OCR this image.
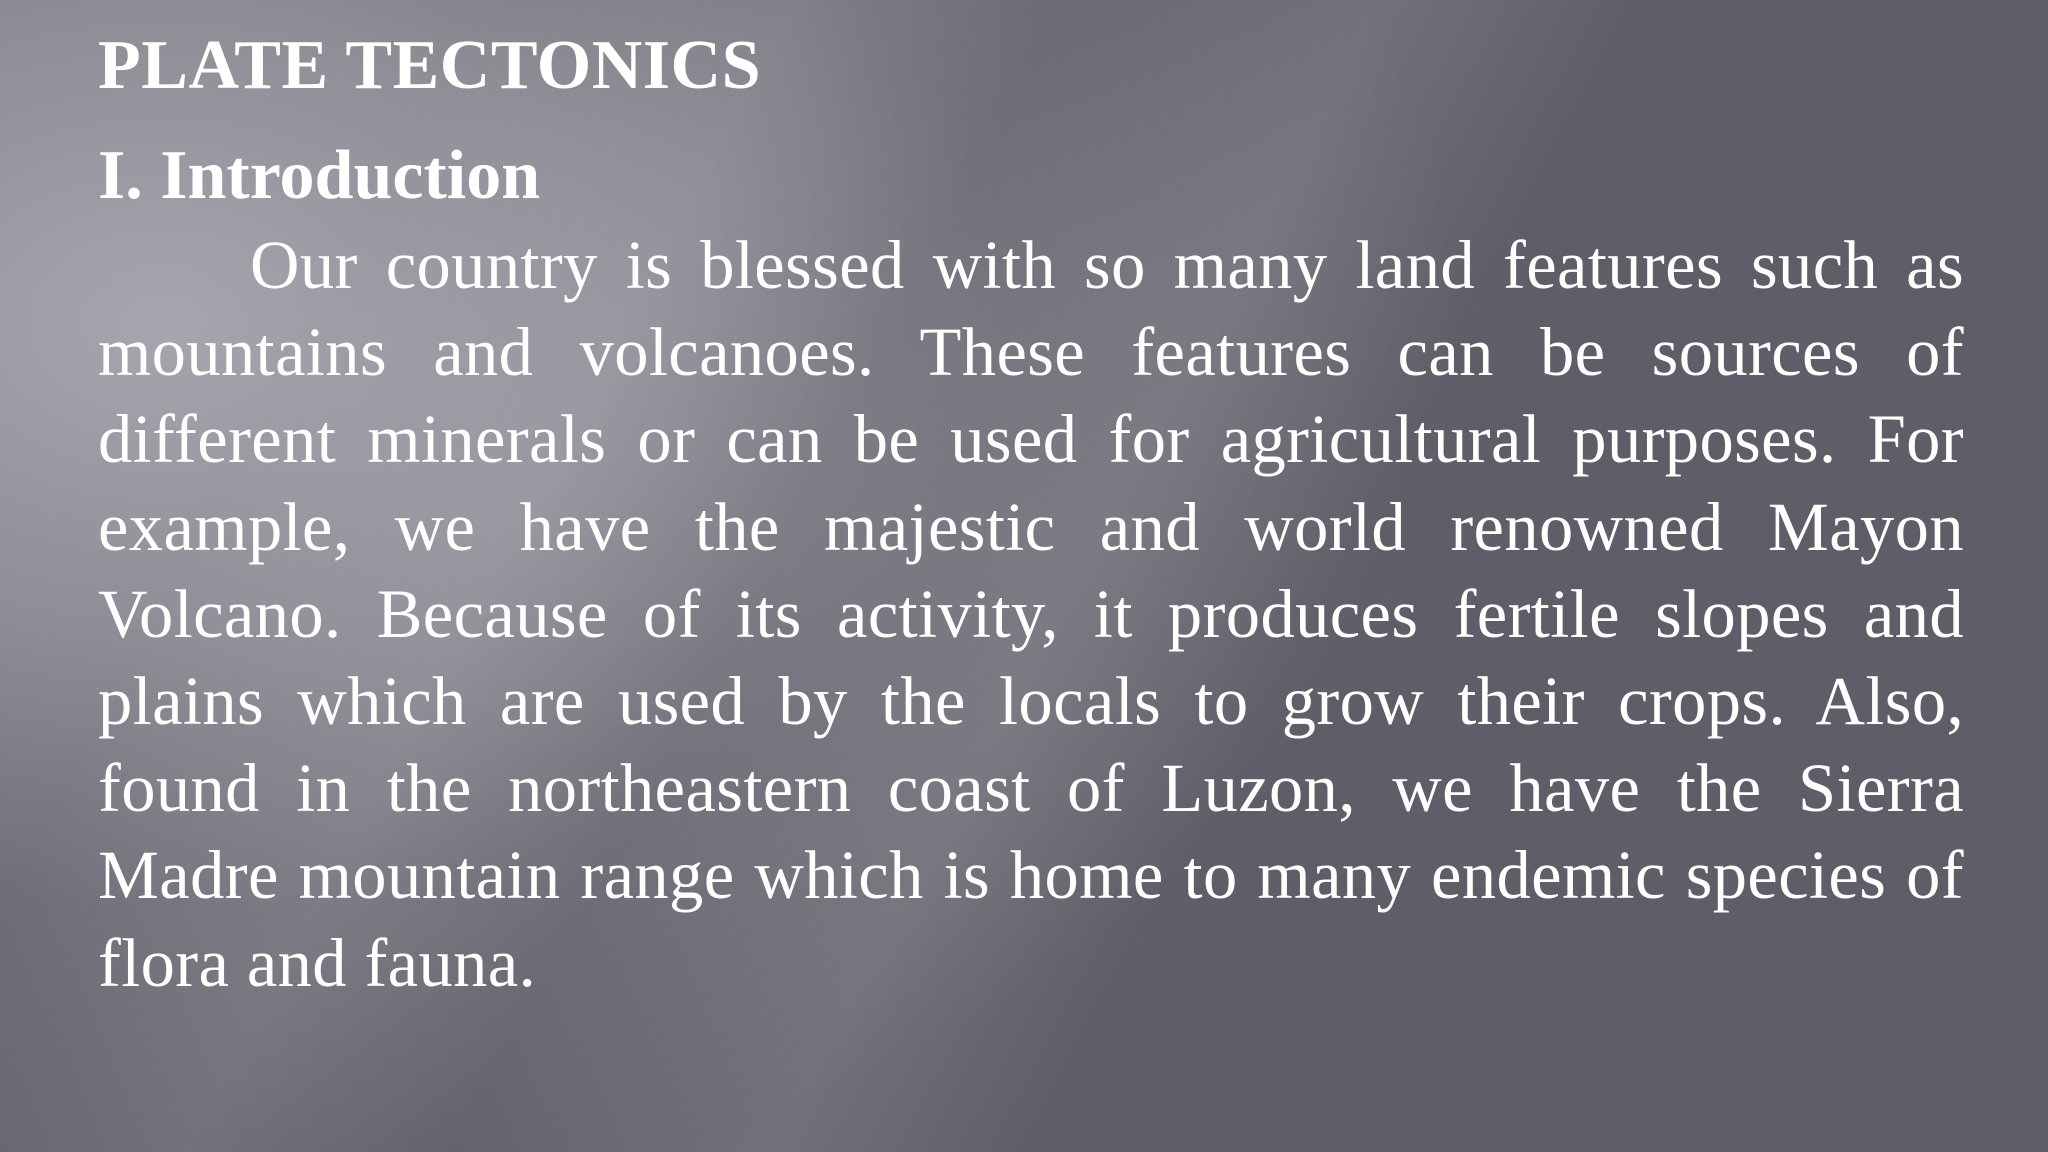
PLATE TECTONICS
I. Introduction

Our country is blessed with so many land features such as mountains and volcanoes. These features can be sources of different minerals or can be used for agricultural purposes. For example, we have the majestic and world renowned Mayon Volcano. Because of its activity, it produces fertile slopes and plains which are used by the locals to grow their crops. Also, found in the northeastern coast of Luzon, we have the Sierra Madre mountain range which is home to many endemic species of flora and fauna.
